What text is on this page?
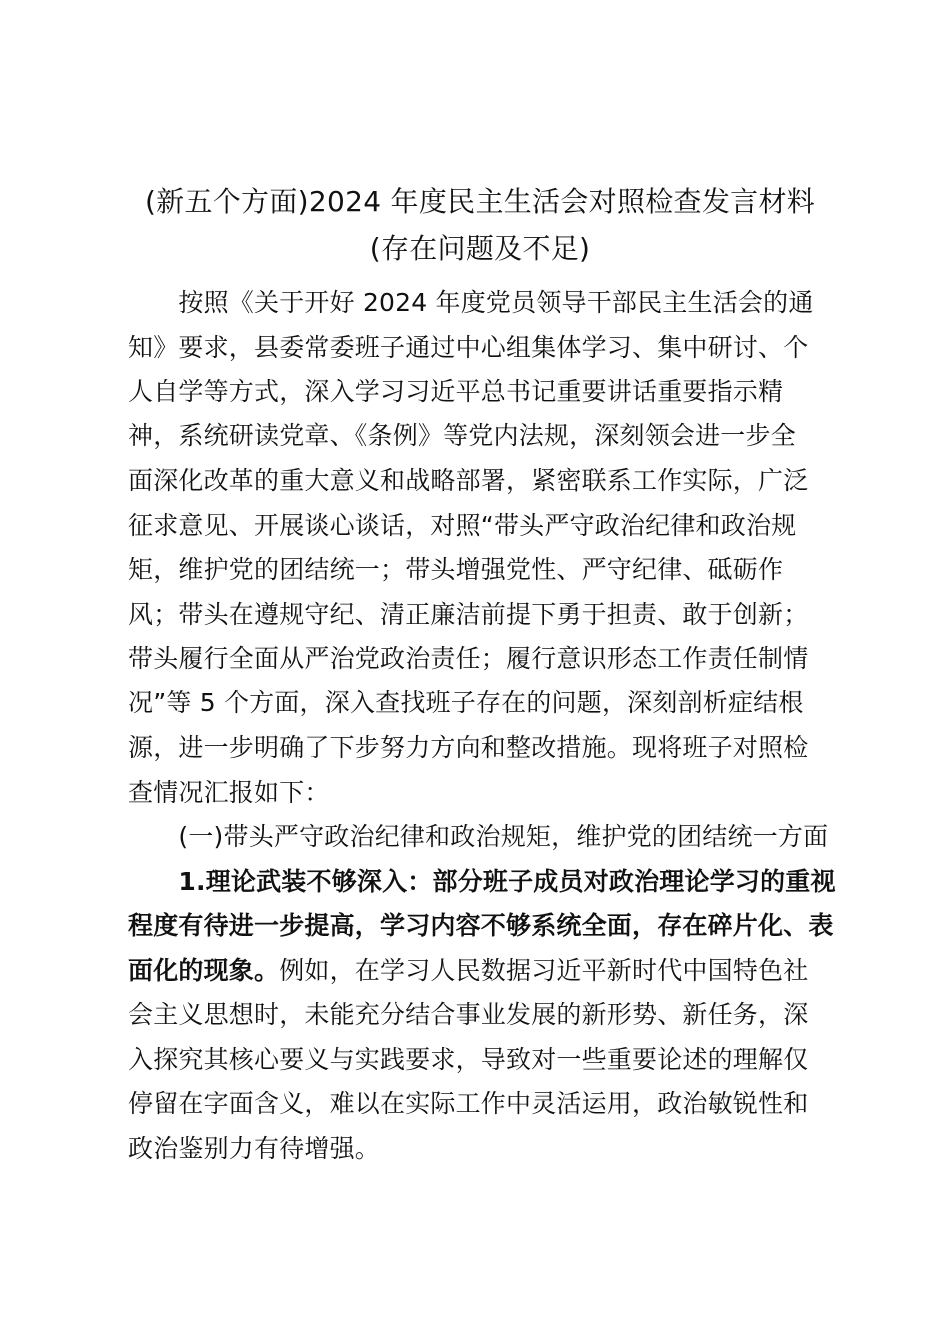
(新五个方面)2024 年度民主生活会对照检查发言材料
(存在问题及不足)
　　按照《关于开好 2024 年度党员领导干部民主生活会的通
知》要求，县委常委班子通过中心组集体学习、集中研讨、个
人自学等方式，深入学习习近平总书记重要讲话重要指示精
神，系统研读党章、《条例》等党内法规，深刻领会进一步全
面深化改革的重大意义和战略部署，紧密联系工作实际，广泛
征求意见、开展谈心谈话，对照“带头严守政治纪律和政治规
矩，维护党的团结统一；带头增强党性、严守纪律、砥砺作
风；带头在遵规守纪、清正廉洁前提下勇于担责、敢于创新；
带头履行全面从严治党政治责任；履行意识形态工作责任制情
况”等 5 个方面，深入查找班子存在的问题，深刻剖析症结根
源，进一步明确了下步努力方向和整改措施。现将班子对照检
查情况汇报如下：
　　(一)带头严守政治纪律和政治规矩，维护党的团结统一方面
　　1.理论武装不够深入：部分班子成员对政治理论学习的重视
程度有待进一步提高，学习内容不够系统全面，存在碎片化、表
面化的现象。例如，在学习人民数据习近平新时代中国特色社
会主义思想时，未能充分结合事业发展的新形势、新任务，深
入探究其核心要义与实践要求，导致对一些重要论述的理解仅
停留在字面含义，难以在实际工作中灵活运用，政治敏锐性和
政治鉴别力有待增强。
